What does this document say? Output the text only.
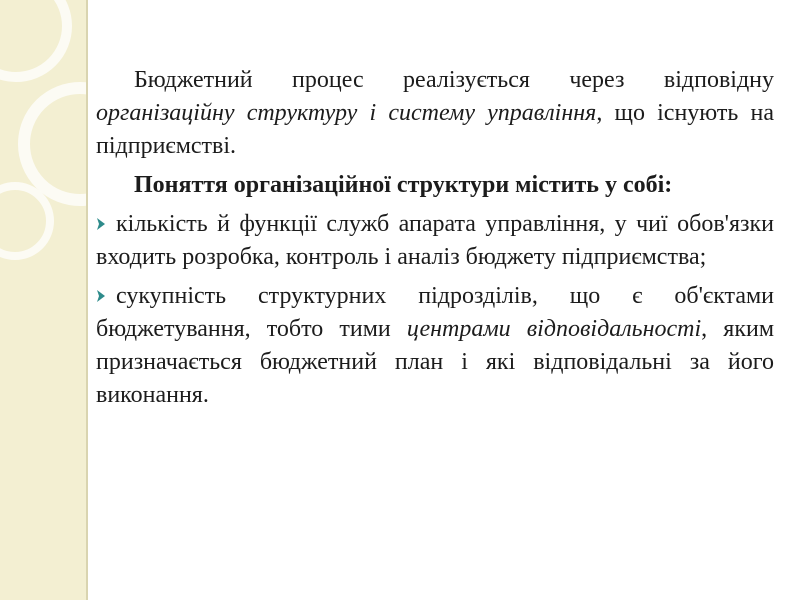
Бюджетний процес реалізується через відповідну організаційну структуру і систему управління, що існують на підприємстві.

Поняття організаційної структури містить у собі:

кількість й функції служб апарата управління, у чиї обов'язки входить розробка, контроль і аналіз бюджету підприємства;

сукупність структурних підрозділів, що є об'єктами бюджетування, тобто тими центрами відповідальності, яким призначається бюджетний план і які відповідальні за його виконання.
